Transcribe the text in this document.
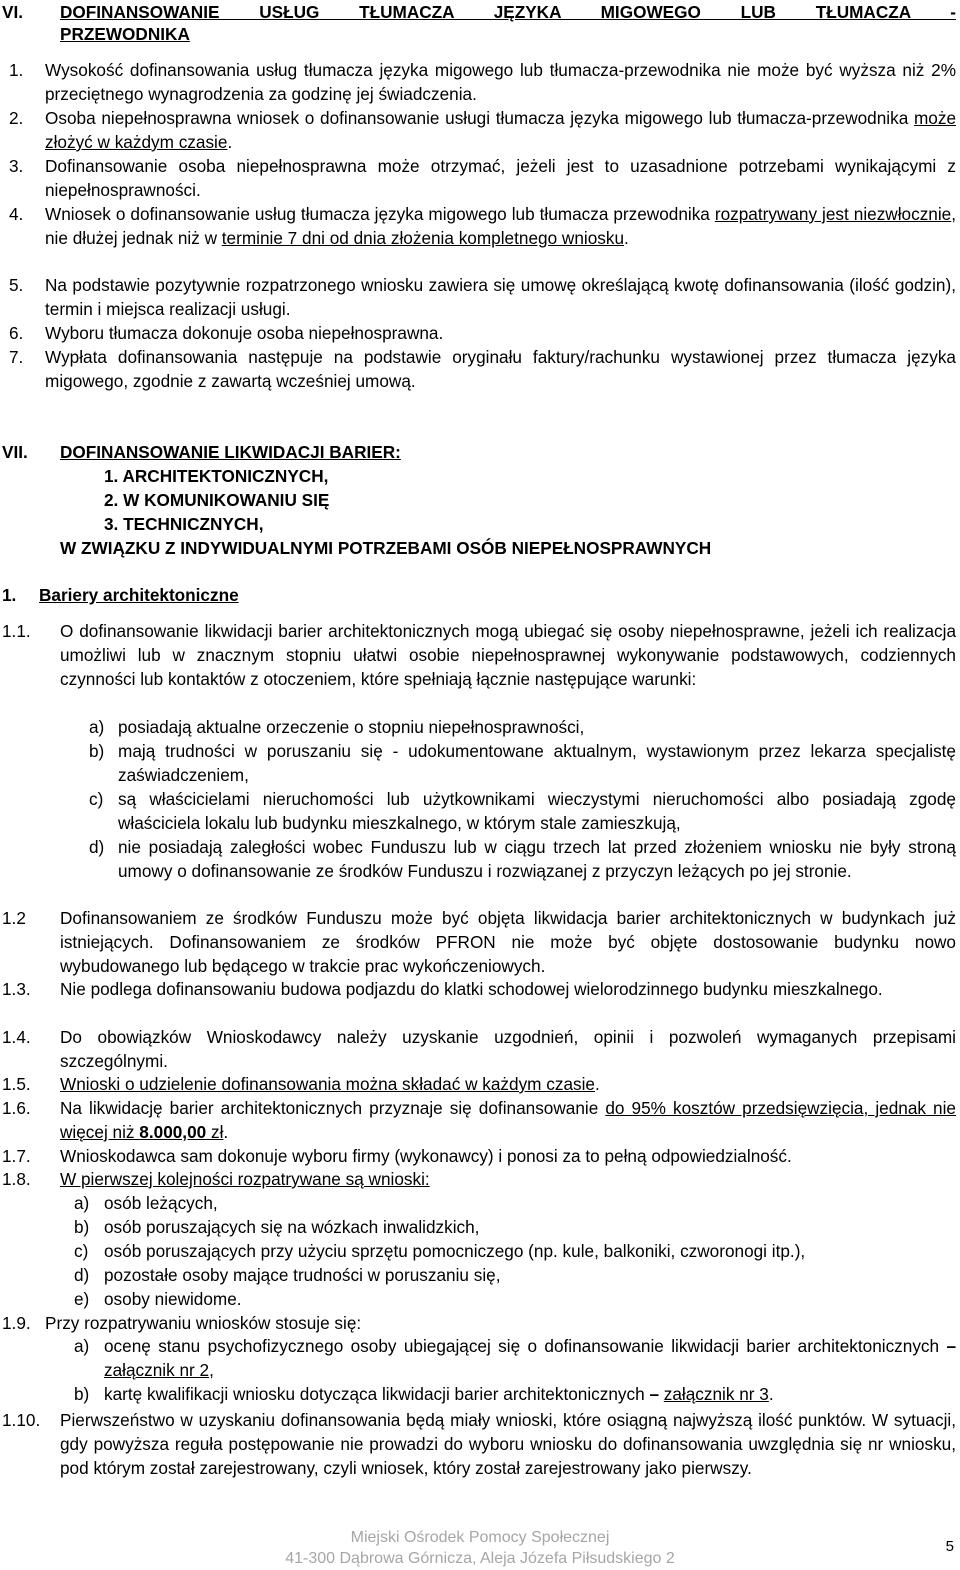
VI. DOFINANSOWANIE USŁUG TŁUMACZA JĘZYKA MIGOWEGO LUB TŁUMACZA -
PRZEWODNIKA
1. Wysokość dofinansowania usług tłumacza języka migowego lub tłumacza-przewodnika nie może być wyższa niż 2% przeciętnego wynagrodzenia za godzinę jej świadczenia.
2. Osoba niepełnosprawna wniosek o dofinansowanie usługi tłumacza języka migowego lub tłumacza-przewodnika może złożyć w każdym czasie.
3. Dofinansowanie osoba niepełnosprawna może otrzymać, jeżeli jest to uzasadnione potrzebami wynikającymi z niepełnosprawności.
4. Wniosek o dofinansowanie usług tłumacza języka migowego lub tłumacza przewodnika rozpatrywany jest niezwłocznie, nie dłużej jednak niż w terminie 7 dni od dnia złożenia kompletnego wniosku.
5. Na podstawie pozytywnie rozpatrzonego wniosku zawiera się umowę określającą kwotę dofinansowania (ilość godzin), termin i miejsca realizacji usługi.
6. Wyboru tłumacza dokonuje osoba niepełnosprawna.
7. Wypłata dofinansowania następuje na podstawie oryginału faktury/rachunku wystawionej przez tłumacza języka migowego, zgodnie z zawartą wcześniej umową.
VII. DOFINANSOWANIE LIKWIDACJI BARIER:
1. ARCHITEKTONICZNYCH,
2. W KOMUNIKOWANIU SIĘ
3. TECHNICZNYCH,
W ZWIĄZKU Z INDYWIDUALNYMI POTRZEBAMI OSÓB NIEPEŁNOSPRAWNYCH
1. Bariery architektoniczne
1.1. O dofinansowanie likwidacji barier architektonicznych mogą ubiegać się osoby niepełnosprawne, jeżeli ich realizacja umożliwi lub w znacznym stopniu ułatwi osobie niepełnosprawnej wykonywanie podstawowych, codziennych czynności lub kontaktów z otoczeniem, które spełniają łącznie następujące warunki:
a) posiadają aktualne orzeczenie o stopniu niepełnosprawności,
b) mają trudności w poruszaniu się - udokumentowane aktualnym, wystawionym przez lekarza specjalistę zaświadczeniem,
c) są właścicielami nieruchomości lub użytkownikami wieczystymi nieruchomości albo posiadają zgodę właściciela lokalu lub budynku mieszkalnego, w którym stale zamieszkują,
d) nie posiadają zaległości wobec Funduszu lub w ciągu trzech lat przed złożeniem wniosku nie były stroną umowy o dofinansowanie ze środków Funduszu i rozwiązanej z przyczyn leżących po jej stronie.
1.2 Dofinansowaniem ze środków Funduszu może być objęta likwidacja barier architektonicznych w budynkach już istniejących. Dofinansowaniem ze środków PFRON nie może być objęte dostosowanie budynku nowo wybudowanego lub będącego w trakcie prac wykończeniowych.
1.3. Nie podlega dofinansowaniu budowa podjazdu do klatki schodowej wielorodzinnego budynku mieszkalnego.
1.4. Do obowiązków Wnioskodawcy należy uzyskanie uzgodnień, opinii i pozwoleń wymaganych przepisami szczególnymi.
1.5. Wnioski o udzielenie dofinansowania można składać w każdym czasie.
1.6. Na likwidację barier architektonicznych przyznaje się dofinansowanie do 95% kosztów przedsięwzięcia, jednak nie więcej niż 8.000,00 zł.
1.7. Wnioskodawca sam dokonuje wyboru firmy (wykonawcy) i ponosi za to pełną odpowiedzialność.
1.8. W pierwszej kolejności rozpatrywane są wnioski:
a) osób leżących,
b) osób poruszających się na wózkach inwalidzkich,
c) osób poruszających przy użyciu sprzętu pomocniczego (np. kule, balkoniki, czworonogi itp.),
d) pozostałe osoby mające trudności w poruszaniu się,
e) osoby niewidome.
1.9. Przy rozpatrywaniu wniosków stosuje się:
a) ocenę stanu psychofizycznego osoby ubiegającej się o dofinansowanie likwidacji barier architektonicznych – załącznik nr 2,
b) kartę kwalifikacji wniosku dotycząca likwidacji barier architektonicznych – załącznik nr 3.
1.10. Pierwszeństwo w uzyskaniu dofinansowania będą miały wnioski, które osiągną najwyższą ilość punktów. W sytuacji, gdy powyższa reguła postępowanie nie prowadzi do wyboru wniosku do dofinansowania uwzględnia się nr wniosku, pod którym został zarejestrowany, czyli wniosek, który został zarejestrowany jako pierwszy.
5
Miejski Ośrodek Pomocy Społecznej
41-300 Dąbrowa Górnicza, Aleja Józefa Piłsudskiego 2
